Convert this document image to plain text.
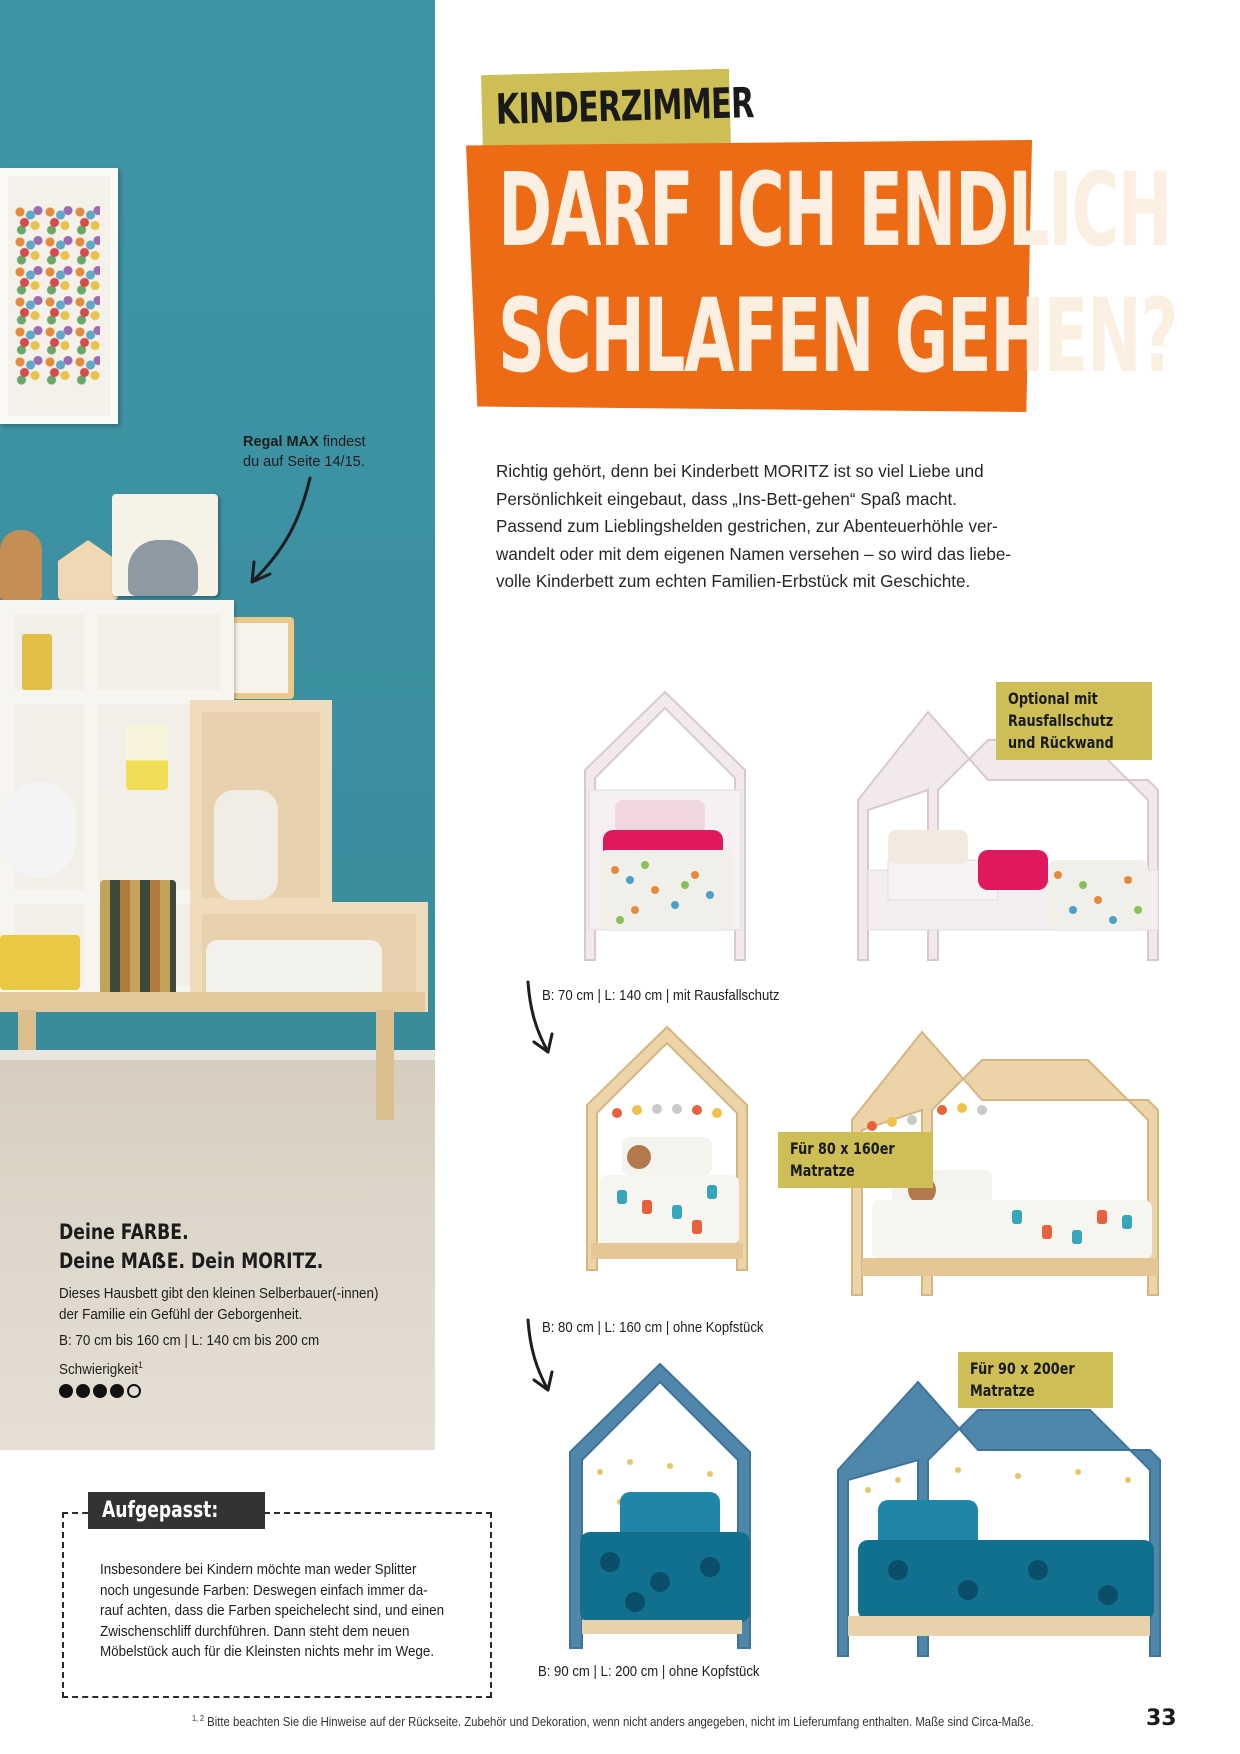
KINDERZIMMER
DARF ICH ENDLICH
SCHLAFEN GEHEN?

Richtig gehört, denn bei Kinderbett MORITZ ist so viel Liebe und

Persönlichkeit eingebaut, dass „Ins-Bett-gehen“ Spaß macht.

Passend zum Lieblingshelden gestrichen, zur Abenteuerhöhle ver-

wandelt oder mit dem eigenen Namen versehen – so wird das liebe-

volle Kinderbett zum echten Familien-Erbstück mit Geschichte.

Regal MAX findest
du auf Seite 14/15.
Optional mit
Rausfallschutz
und Rückwand
B: 70 cm | L: 140 cm | mit Rausfallschutz
Für 80 x 160er
Matratze
B: 80 cm | L: 160 cm | ohne Kopfstück
Für 90 x 200er
Matratze
B: 90 cm | L: 200 cm | ohne Kopfstück
Deine FARBE.
Deine MAẞE. Dein MORITZ.
Dieses Hausbett gibt den kleinen Selberbauer(-innen)
der Familie ein Gefühl der Geborgenheit.
B: 70 cm bis 160 cm | L: 140 cm bis 200 cm
Schwierigkeit$^1$
Aufgepasst:
Insbesondere bei Kindern möchte man weder Splitter
noch ungesunde Farben: Deswegen einfach immer da-
rauf achten, dass die Farben speichelecht sind, und einen
Zwischenschliff durchführen. Dann steht dem neuen
Möbelstück auch für die Kleinsten nichts mehr im Wege.
$^{1, 2}$ Bitte beachten Sie die Hinweise auf der Rückseite. Zubehör und Dekoration, wenn nicht anders angegeben, nicht im Lieferumfang enthalten. Maße sind Circa-Maße.	33
